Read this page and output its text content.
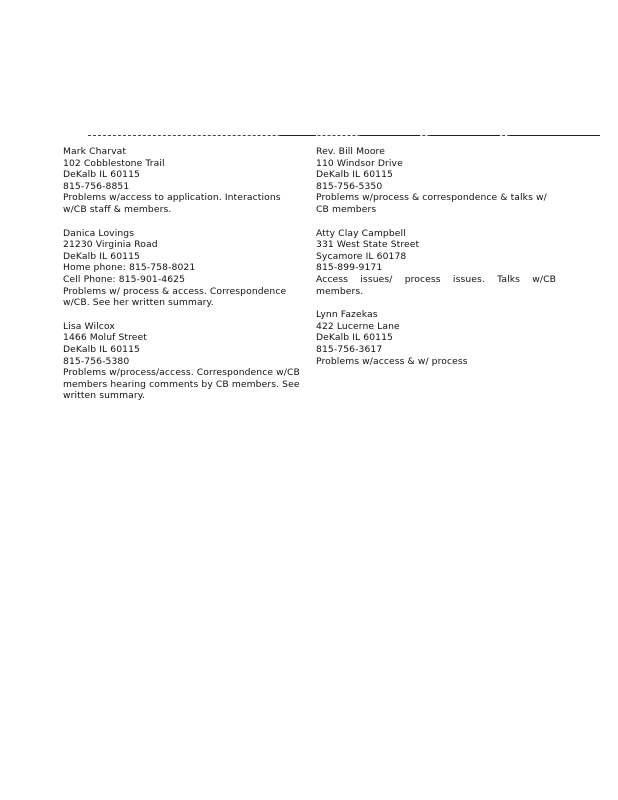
Mark Charvat
102 Cobblestone Trail
DeKalb IL 60115
815-756-8851
Problems w/access to application. Interactions w/CB staff & members.
Danica Lovings
21230 Virginia Road
DeKalb IL 60115
Home phone: 815-758-8021
Cell Phone: 815-901-4625
Problems w/ process & access. Correspondence w/CB. See her written summary.
Lisa Wilcox
1466 Moluf Street
DeKalb IL 60115
815-756-5380
Problems w/process/access. Correspondence w/CB members hearing comments by CB members. See written summary.
Rev. Bill Moore
110 Windsor Drive
DeKalb IL 60115
815-756-5350
Problems w/process & correspondence & talks w/ CB members
Atty Clay Campbell
331 West State Street
Sycamore IL 60178
815-899-9171
Access issues/ process issues. Talks w/CB members.
Lynn Fazekas
422 Lucerne Lane
DeKalb IL 60115
815-756-3617
Problems w/access & w/ process
